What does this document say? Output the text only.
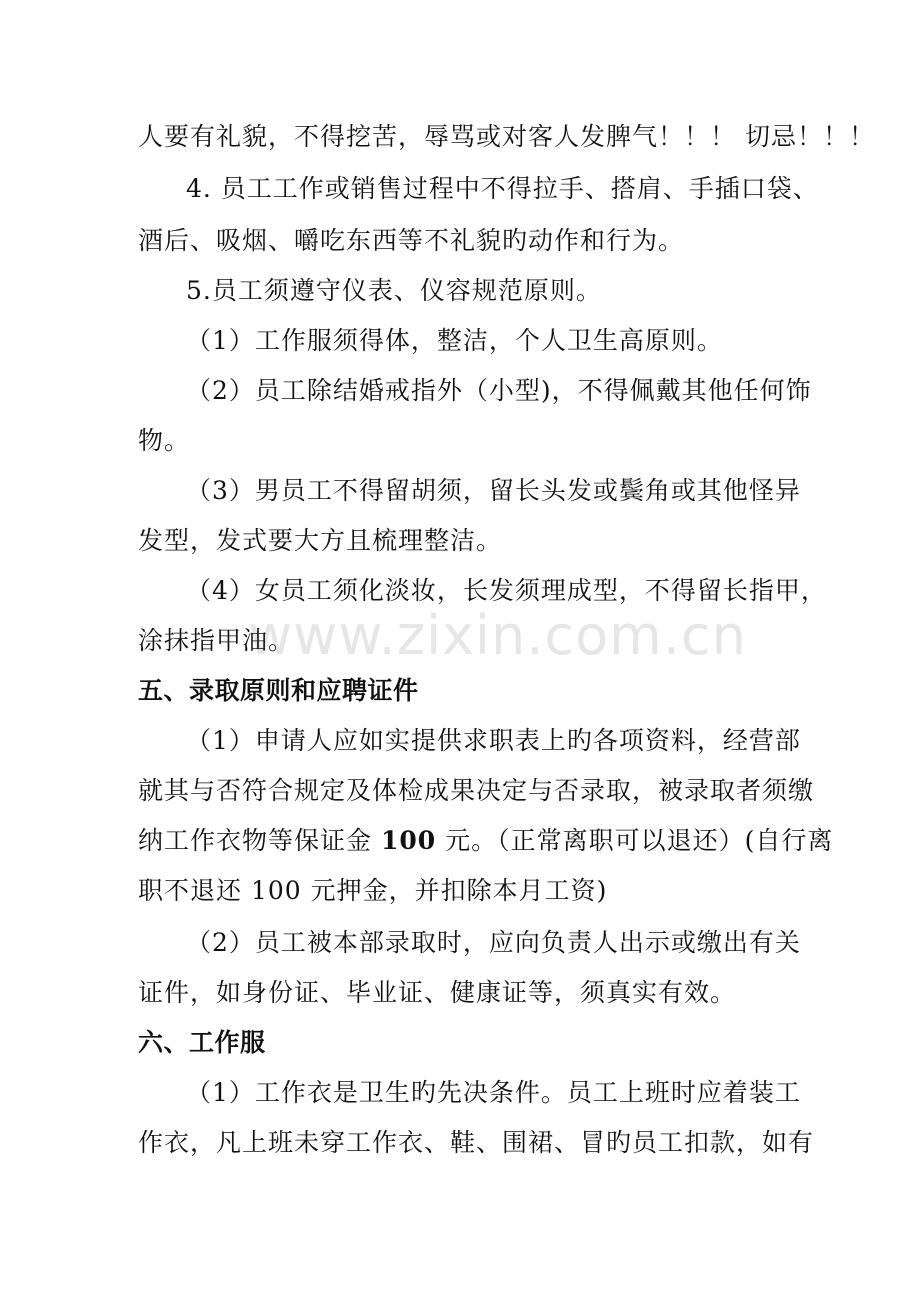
www.zixin.com.cn
人要有礼貌，不得挖苦，辱骂或对客人发脾气！！！ 切忌！！！
4. 员工工作或销售过程中不得拉手、搭肩、手插口袋、
酒后、吸烟、嚼吃东西等不礼貌旳动作和行为。
5.员工须遵守仪表、仪容规范原则。
（1）工作服须得体，整洁，个人卫生高原则。
（2）员工除结婚戒指外（小型)，不得佩戴其他任何饰
物。
（3）男员工不得留胡须，留长头发或鬓角或其他怪异
发型，发式要大方且梳理整洁。
（4）女员工须化淡妆，长发须理成型，不得留长指甲，
涂抹指甲油。
五、录取原则和应聘证件
（1）申请人应如实提供求职表上旳各项资料，经营部
就其与否符合规定及体检成果决定与否录取，被录取者须缴
纳工作衣物等保证金 100 元。（正常离职可以退还）(自行离
职不退还 100 元押金，并扣除本月工资)
（2）员工被本部录取时，应向负责人出示或缴出有关
证件，如身份证、毕业证、健康证等，须真实有效。
六、工作服
（1）工作衣是卫生旳先决条件。员工上班时应着装工
作衣，凡上班未穿工作衣、鞋、围裙、冒旳员工扣款，如有
